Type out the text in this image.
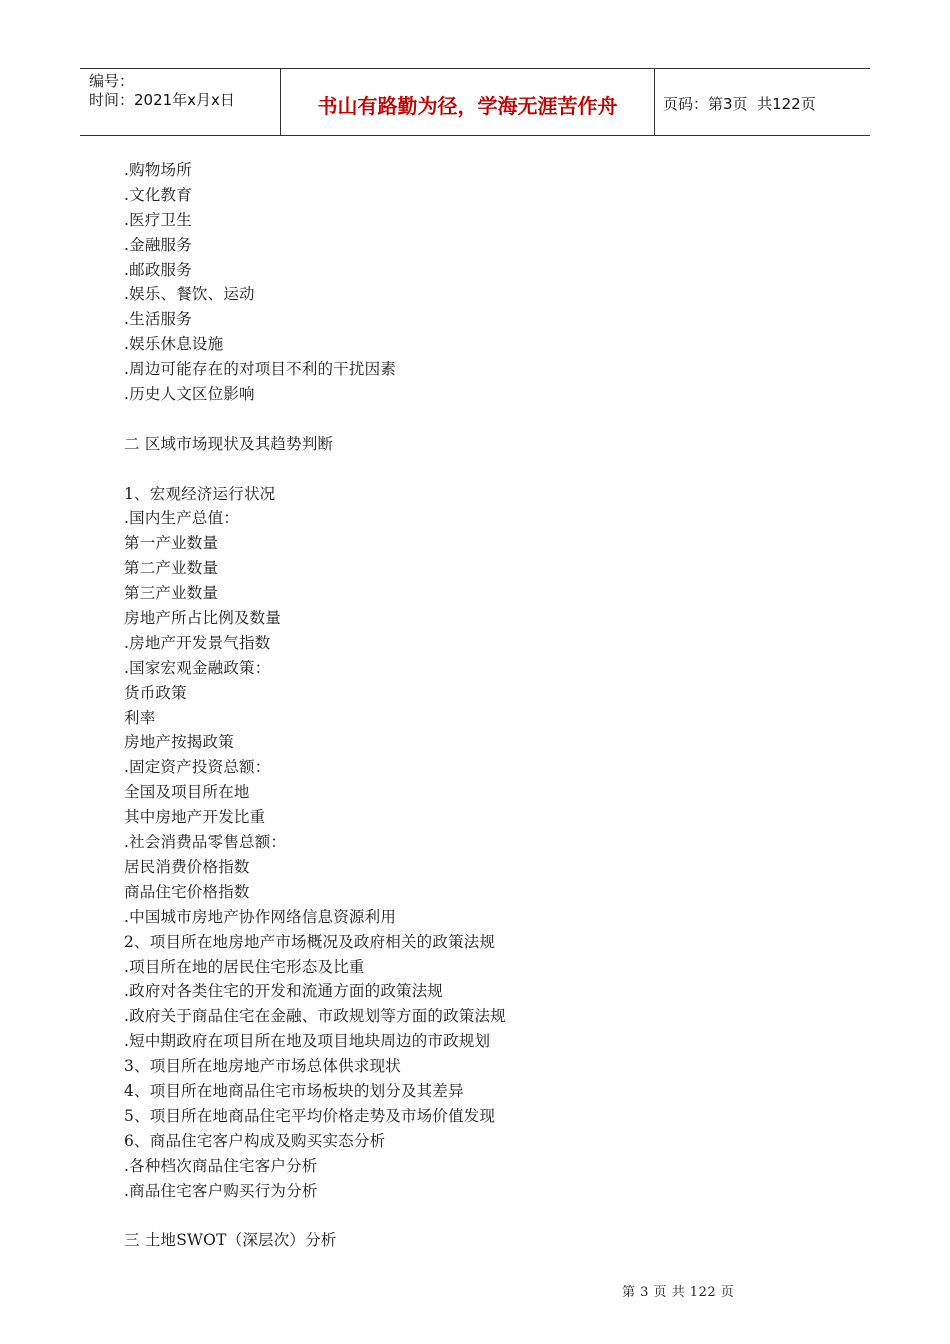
编号：
时间：2021年x月x日	书山有路勤为径，学海无涯苦作舟	页码：第3页  共122页
.购物场所
.文化教育
.医疗卫生
.金融服务
.邮政服务
.娱乐、餐饮、运动
.生活服务
.娱乐休息设施
.周边可能存在的对项目不利的干扰因素
.历史人文区位影响
二 区域市场现状及其趋势判断
1、宏观经济运行状况
.国内生产总值：
第一产业数量
第二产业数量
第三产业数量
房地产所占比例及数量
.房地产开发景气指数
.国家宏观金融政策：
货币政策
利率
房地产按揭政策
.固定资产投资总额：
全国及项目所在地
其中房地产开发比重
.社会消费品零售总额：
居民消费价格指数
商品住宅价格指数
.中国城市房地产协作网络信息资源利用
2、项目所在地房地产市场概况及政府相关的政策法规
.项目所在地的居民住宅形态及比重
.政府对各类住宅的开发和流通方面的政策法规
.政府关于商品住宅在金融、市政规划等方面的政策法规
.短中期政府在项目所在地及项目地块周边的市政规划
3、项目所在地房地产市场总体供求现状
4、项目所在地商品住宅市场板块的划分及其差异
5、项目所在地商品住宅平均价格走势及市场价值发现
6、商品住宅客户构成及购买实态分析
.各种档次商品住宅客户分析
.商品住宅客户购买行为分析
三 土地SWOT（深层次）分析
第 3 页 共 122 页
